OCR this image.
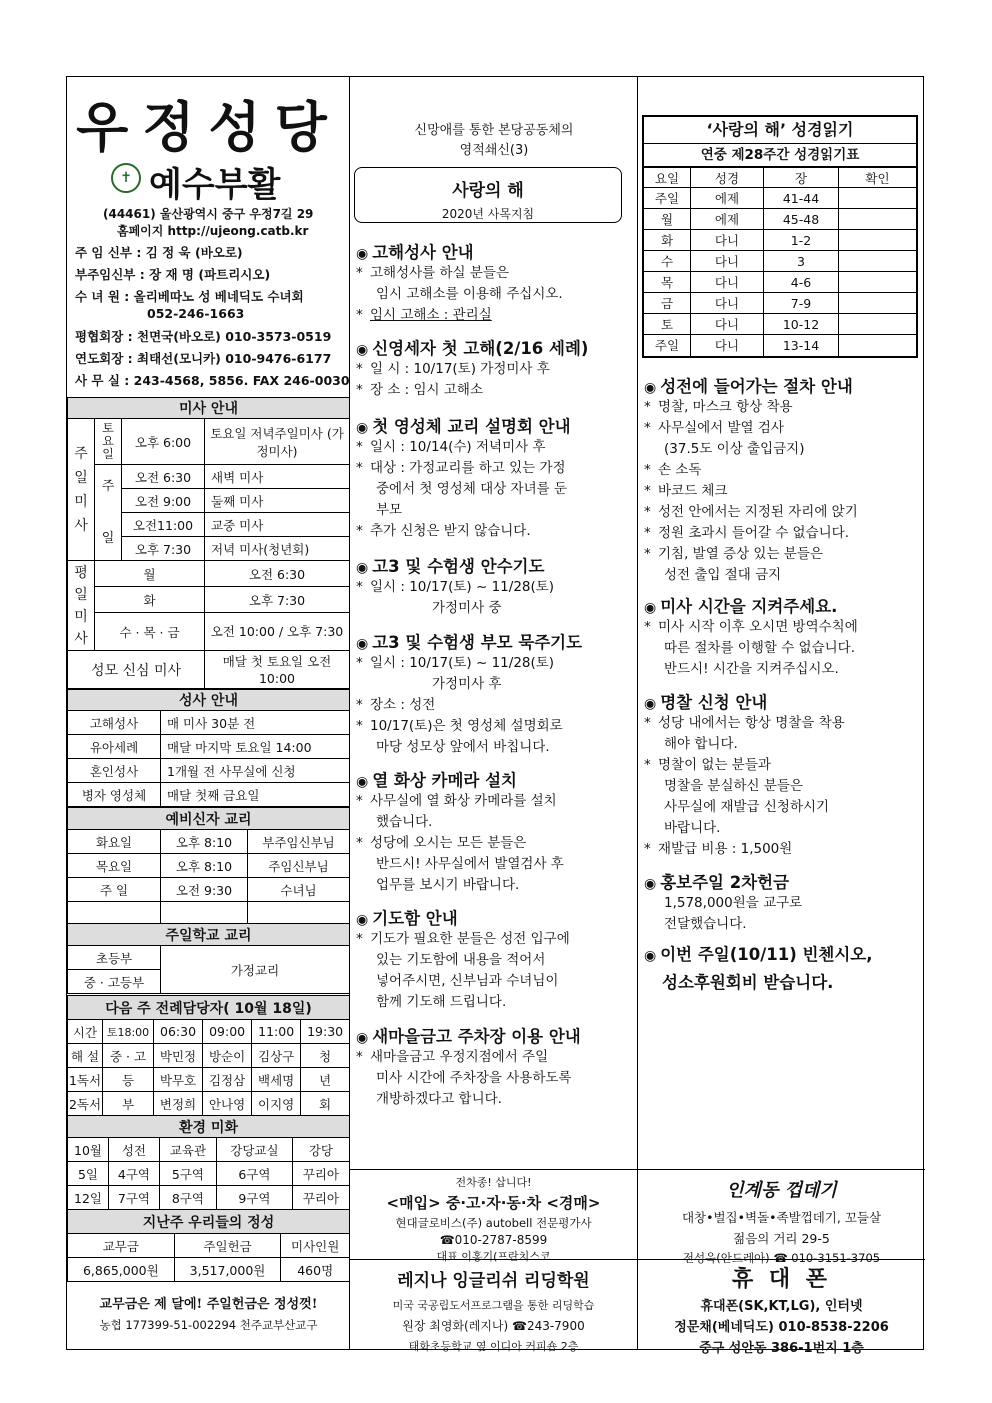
우정성당
✝ 예수부활
(44461) 울산광역시 중구 우정7길 29
홈페이지 http://ujeong.catb.kr
주 임 신부 : 김 정 욱 (바오로)
부주임신부 : 장 재 명 (파트리시오)
수 녀 원 : 올리베따노 성 베네딕도 수녀회
052-246-1663
평협회장 : 천면국(바오로) 010-3573-0519
연도회장 : 최태선(모니카) 010-9476-6177
사 무 실 : 243-4568, 5856. FAX 246-0030
미사 안내			
주
일
미
사	토
요
일	오후 6:00	토요일 저녁주일미사 (가정미사)
	주

일	오전 6:30	새벽 미사
		오전 9:00	둘째 미사
		오전11:00	교중 미사
		오후 7:30	저녁 미사(청년회)
평
일
미
사	월		오전 6:30
	화		오후 7:30
	수 · 목 · 금		오전 10:00 / 오후 7:30
성모 신심 미사			매달 첫 토요일 오전 10:00
성사 안내	
고해성사	매 미사 30분 전
유아세례	매달 마지막 토요일 14:00
혼인성사	1개월 전 사무실에 신청
병자 영성체	매달 첫째 금요일
예비신자 교리		
화요일	오후 8:10	부주임신부님
목요일	오후 8:10	주임신부님
주 일	오전 9:30	수녀님

주일학교 교리
초등부	가정교리
중 · 고등부
다음 주 전례담당자( 10월 18일)					
시간	토18:00	06:30	09:00	11:00	19:30
해 설	중 · 고	박민정	방순이	김상구	청
1독서	등	박무호	김정삼	백세명	년
2독서	부	변정희	안나영	이지영	회
환경 미화				
10월	성전	교육관	강당교실	강당
5일	4구역	5구역	6구역	꾸리아
12일	7구역	8구역	9구역	꾸리아
지난주 우리들의 정성		
교무금	주일헌금	미사인원
6,865,000원	3,517,000원	460명
교무금은 제 달에! 주일헌금은 정성껏!
농협 177399-51-002294 천주교부산교구
신망애를 통한 본당공동체의
영적쇄신(3)
사랑의 해
2020년 사목지침
◉ 고해성사 안내
* 고해성사를 하실 분들은
임시 고해소를 이용해 주십시오.
* 임시 고해소 : 관리실
◉ 신영세자 첫 고해(2/16 세례)
* 일 시 : 10/17(토) 가정미사 후
* 장 소 : 임시 고해소
◉ 첫 영성체 교리 설명회 안내
* 일시 : 10/14(수) 저녁미사 후
* 대상 : 가정교리를 하고 있는 가정
중에서 첫 영성체 대상 자녀를 둔
부모
* 추가 신청은 받지 않습니다.
◉ 고3 및 수험생 안수기도
* 일시 : 10/17(토) ~ 11/28(토)
가정미사 중
◉ 고3 및 수험생 부모 묵주기도
* 일시 : 10/17(토) ~ 11/28(토)
가정미사 후
* 장소 : 성전
* 10/17(토)은 첫 영성체 설명회로
마당 성모상 앞에서 바칩니다.
◉ 열 화상 카메라 설치
* 사무실에 열 화상 카메라를 설치
했습니다.
* 성당에 오시는 모든 분들은
반드시! 사무실에서 발열검사 후
업무를 보시기 바랍니다.
◉ 기도함 안내
* 기도가 필요한 분들은 성전 입구에
있는 기도함에 내용을 적어서
넣어주시면, 신부님과 수녀님이
함께 기도해 드립니다.
◉ 새마을금고 주차장 이용 안내
* 새마을금고 우정지점에서 주일
미사 시간에 주차장을 사용하도록
개방하겠다고 합니다.
전차종! 삽니다!
<매입> 중·고·자·동·차 <경매>
현대글로비스(주) autobell 전문평가사
☎010-2787-8599
대표 이홍기(프란치스코
레지나 잉글리쉬 리딩학원
미국 국공립도서프로그램을 통한 리딩학습
원장 최영화(레지나) ☎243-7900
태화초등학교 옆 이디아 커피숍 2층
‘사랑의 해’ 성경읽기
연중 제28주간 성경읽기표
요일	성경	장	확인
주일	에제	41-44	
월	에제	45-48	
화	다니	1-2	
수	다니	3	
목	다니	4-6	
금	다니	7-9	
토	다니	10-12	
주일	다니	13-14	
◉ 성전에 들어가는 절차 안내
* 명찰, 마스크 항상 착용
* 사무실에서 발열 검사
(37.5도 이상 출입금지)
* 손 소독
* 바코드 체크
* 성전 안에서는 지정된 자리에 앉기
* 정원 초과시 들어갈 수 없습니다.
* 기침, 발열 증상 있는 분들은
성전 출입 절대 금지
◉ 미사 시간을 지켜주세요.
* 미사 시작 이후 오시면 방역수칙에
따른 절차를 이행할 수 없습니다.
반드시! 시간을 지켜주십시오.
◉ 명찰 신청 안내
* 성당 내에서는 항상 명찰을 착용
해야 합니다.
* 명찰이 없는 분들과
명찰을 분실하신 분들은
사무실에 재발급 신청하시기
바랍니다.
* 재발급 비용 : 1,500원
◉ 홍보주일 2차헌금
1,578,000원을 교구로
전달했습니다.
◉ 이번 주일(10/11) 빈첸시오,
성소후원회비 받습니다.
인계동 껍데기
대창•벌집•벽돌•족발껍데기, 꼬들살
젊음의 거리 29-5
전성욱(안드레아) ☎ 010-3151-3705
휴 대 폰
휴대폰(SK,KT,LG), 인터넷
정문채(베네딕도) 010-8538-2206
중구 성안동 386-1번지 1층
